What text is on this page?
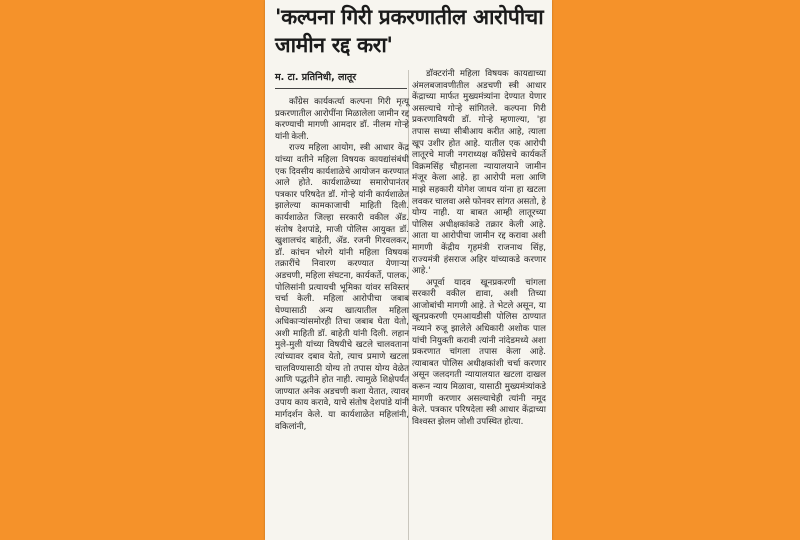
'कल्पना गिरी प्रकरणातील आरोपीचा जामीन रद्द करा'
म. टा. प्रतिनिधी, लातूर

काँग्रेस कार्यकर्त्या कल्पना गिरी मृत्यू प्रकरणातील आरोपींना मिळालेला जामीन रद्द करण्याची मागणी आमदार डॉ. नीलम गोऱ्हे यांनी केली.

राज्य महिला आयोग, स्त्री आधार केंद्र यांच्या वतीने महिला विषयक कायद्यांसंबंधी एक दिवसीय कार्यशाळेचे आयोजन करण्यात आले होते. कार्यशाळेच्या समारोपानंतर पत्रकार परिषदेत डॉ. गोऱ्हे यांनी कार्यशाळेत झालेल्या कामकाजाची माहिती दिली. कार्यशाळेत जिल्हा सरकारी वकील ॲड. संतोष देशपांडे, माजी पोलिस आयुक्त डॉ. खुशालचंद बाहेती, ॲड. रजनी गिरवलकर, डॉ. कांचन भोरगे यांनी महिला विषयक तक्रारींचे निवारण करण्यात येणाऱ्या अडचणी, महिला संघटना, कार्यकर्ते, पालक, पोलिसांनी प्रत्यायची भूमिका यांवर सविस्तर चर्चा केली. महिला आरोपीचा जबाब घेण्यासाठी अन्य खात्यातील महिला अधिकाऱ्यांसमोरही तिचा जबाब घेता येतो, अशी माहिती डॉ. बाहेती यांनी दिली. लहान मुले-मुली यांच्या विषयीचे खटले चालवताना त्यांच्यावर दबाव येतो, त्याच प्रमाणे खटला चालविण्यासाठी योग्य तो तपास योग्य वेळेत आणि पद्धतीने होत नाही. त्यामुळे शिक्षेपर्यंत जाण्यात अनेक अडचणी कशा येतात, त्यावर उपाय काय करावे, याचे संतोष देशपांडे यांनी मार्गदर्शन केले. या कार्यशाळेत महिलांनी, वकिलांनी,

डॉक्टरांनी महिला विषयक कायद्याच्या अंमलबजावणीतील अडचणी स्त्री आधार केंद्राच्या मार्फत मुख्यमंत्र्यांना देण्यात येणार असल्याचे गोऱ्हे सांगितले. कल्पना गिरी प्रकरणाविषयी डॉ. गोऱ्हे म्हणाल्या, 'हा तपास सध्या सीबीआय करीत आहे, त्याला खूप उशीर होत आहे. यातील एक आरोपी लातूरचे माजी नगराध्यक्ष काँग्रेसचे कार्यकर्ते विक्रमसिंह चौहानला न्यायालयाने जामीन मंजूर केला आहे. हा आरोपी मला आणि माझे सहकारी योगेश जाधव यांना हा खटला लवकर चालवा असे फोनवर सांगत असतो, हे योग्य नाही. या बाबत आम्ही लातूरच्या पोलिस अधीक्षकांकडे तक्रार केली आहे. आता या आरोपीचा जामीन रद्द करावा अशी मागणी केंद्रीय गृहमंत्री राजनाथ सिंह, राज्यमंत्री हंसराज अहिर यांच्याकडे करणार आहे.'

अपूर्वा यादव खूनप्रकरणी चांगला सरकारी वकील द्यावा, अशी तिच्या आजोबांची मागणी आहे. ते भेटले असून, या खूनप्रकरणी एमआयडीसी पोलिस ठाण्यात नव्याने रुजू झालेले अधिकारी अशोक पाल यांची नियुक्ती करावी त्यांनी नांदेडमध्ये अशा प्रकरणात चांगला तपास केला आहे. त्याबाबत पोलिस अधीक्षकांशी चर्चा करणार असून जलदगती न्यायालयात खटला दाखल करून न्याय मिळावा, यासाठी मुख्यमंत्र्यांकडे मागणी करणार असल्याचेही त्यांनी नमूद केले. पत्रकार परिषदेला स्त्री आधार केंद्राच्या विश्वस्त झेलम जोशी उपस्थित होत्या.
